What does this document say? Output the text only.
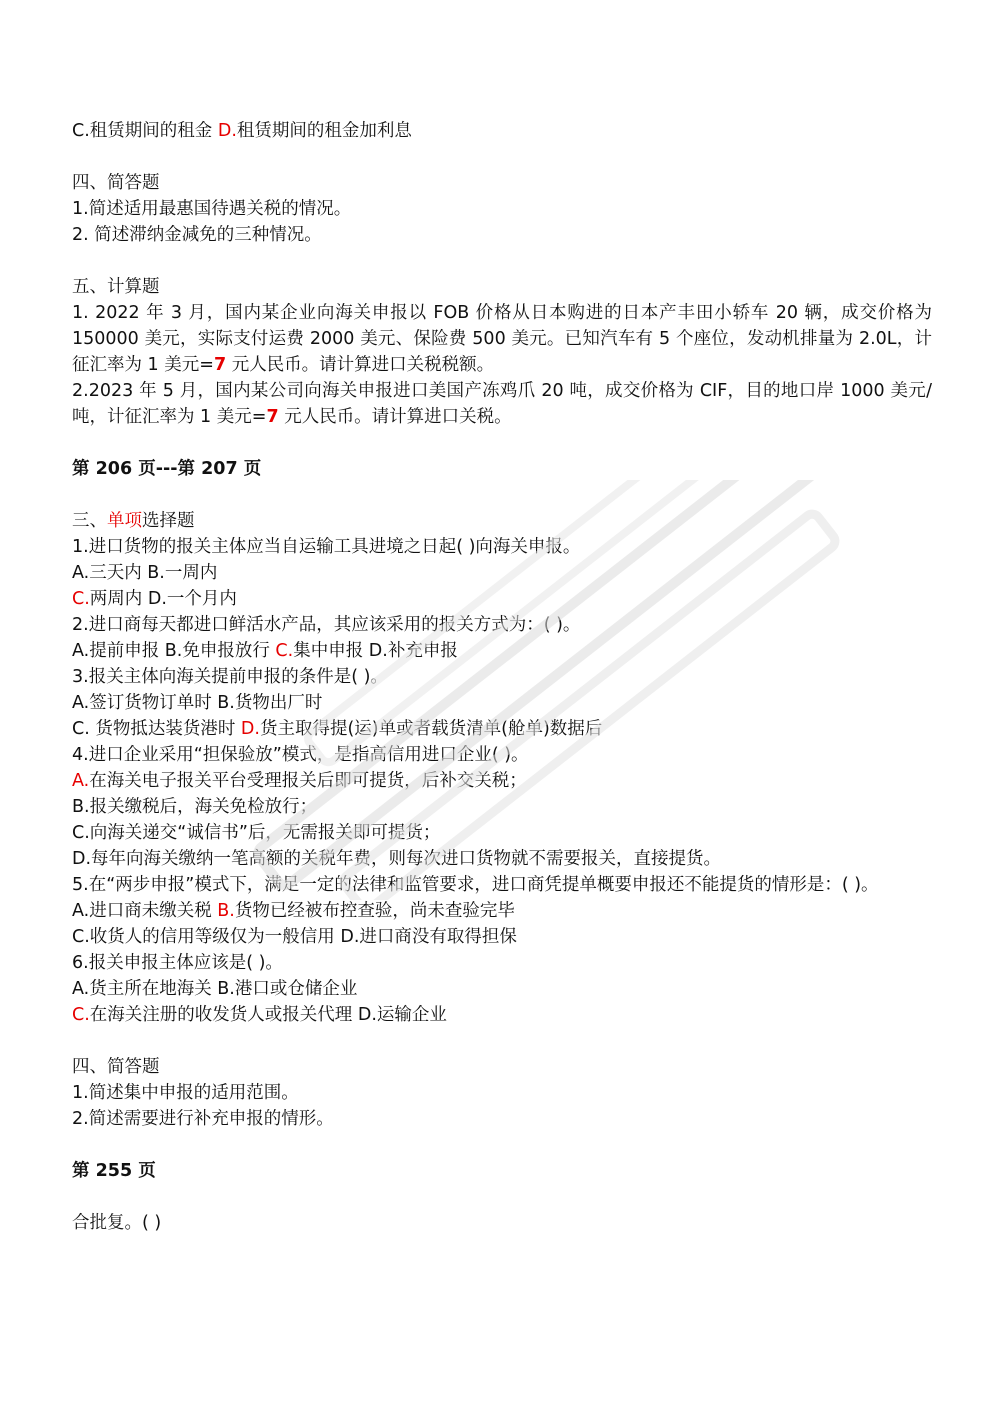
C.租赁期间的租金 D.租赁期间的租金加利息
四、简答题
1.简述适用最惠国待遇关税的情况。
2. 简述滞纳金减免的三种情况。
五、计算题
1. 2022 年 3 月，国内某企业向海关申报以 FOB 价格从日本购进的日本产丰田小轿车 20 辆，成交价格为 150000 美元，实际支付运费 2000 美元、保险费 500 美元。已知汽车有 5 个座位，发动机排量为 2.0L，计征汇率为 1 美元=7 元人民币。请计算进口关税税额。
2.2023 年 5 月，国内某公司向海关申报进口美国产冻鸡爪 20 吨，成交价格为 CIF，目的地口岸 1000 美元/吨，计征汇率为 1 美元=7 元人民币。请计算进口关税。
第 206 页---第 207 页
三、单项选择题
1.进口货物的报关主体应当自运输工具进境之日起( )向海关申报。
A.三天内 B.一周内
C.两周内 D.一个月内
2.进口商每天都进口鲜活水产品，其应该采用的报关方式为：( )。
A.提前申报 B.免申报放行 C.集中申报 D.补充申报
3.报关主体向海关提前申报的条件是( )。
A.签订货物订单时 B.货物出厂时
C. 货物抵达装货港时 D.货主取得提(运)单或者载货清单(舱单)数据后
4.进口企业采用“担保验放”模式，是指高信用进口企业( )。
A.在海关电子报关平台受理报关后即可提货，后补交关税；
B.报关缴税后，海关免检放行；
C.向海关递交“诚信书”后，无需报关即可提货；
D.每年向海关缴纳一笔高额的关税年费，则每次进口货物就不需要报关，直接提货。
5.在“两步申报”模式下，满足一定的法律和监管要求，进口商凭提单概要申报还不能提货的情形是：( )。
A.进口商未缴关税 B.货物已经被布控查验，尚未查验完毕
C.收货人的信用等级仅为一般信用 D.进口商没有取得担保
6.报关申报主体应该是( )。
A.货主所在地海关 B.港口或仓储企业
C.在海关注册的收发货人或报关代理 D.运输企业
四、简答题
1.简述集中申报的适用范围。
2.简述需要进行补充申报的情形。
第 255 页
合批复。( )
